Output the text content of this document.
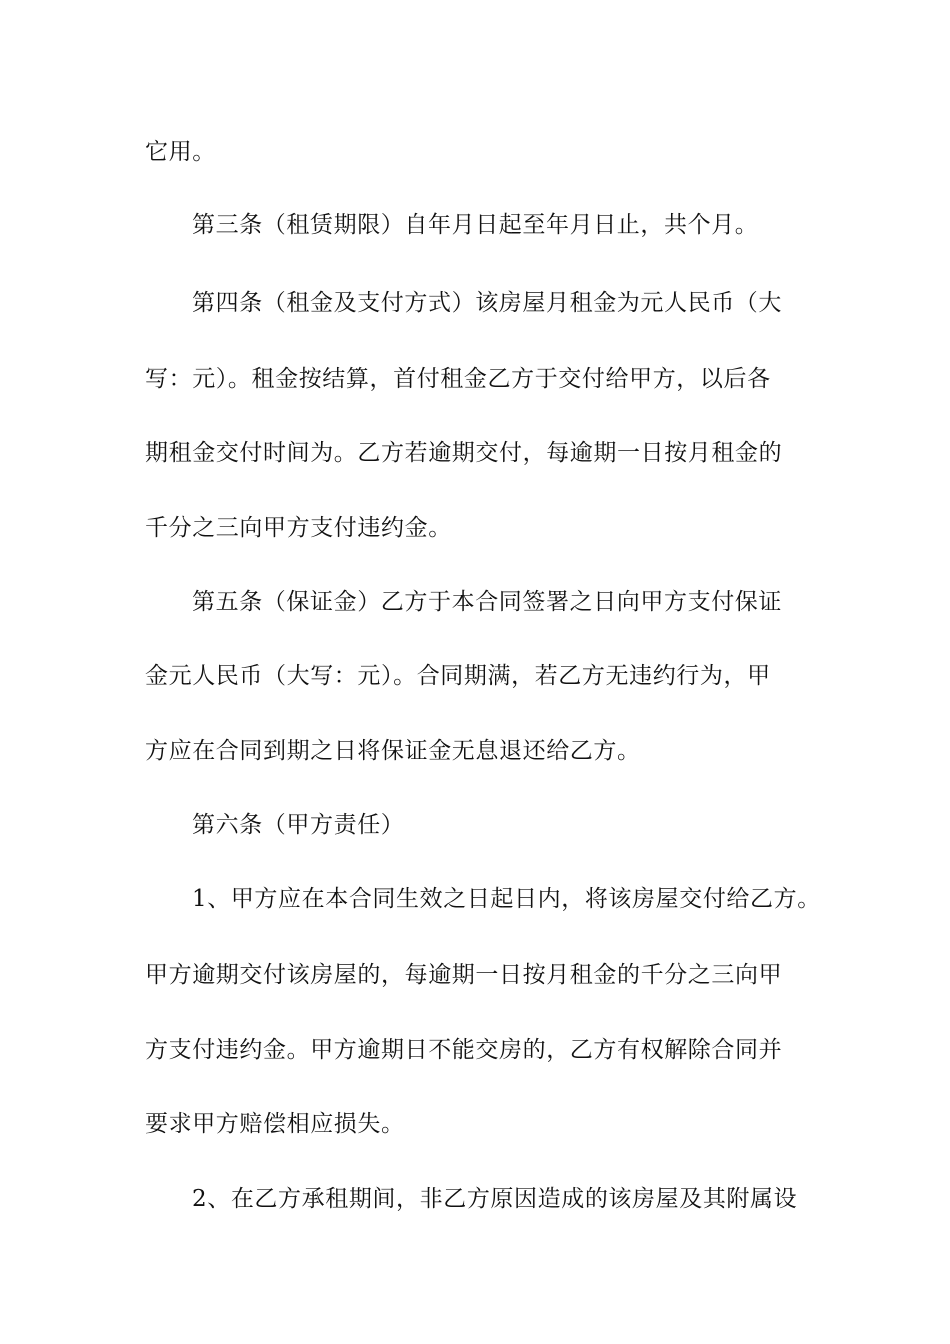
它用。
第三条（租赁期限）自年月日起至年月日止，共个月。
第四条（租金及支付方式）该房屋月租金为元人民币（大
写：元）。租金按结算，首付租金乙方于交付给甲方，以后各
期租金交付时间为。乙方若逾期交付，每逾期一日按月租金的
千分之三向甲方支付违约金。
第五条（保证金）乙方于本合同签署之日向甲方支付保证
金元人民币（大写：元）。合同期满，若乙方无违约行为，甲
方应在合同到期之日将保证金无息退还给乙方。
第六条（甲方责任）
1、甲方应在本合同生效之日起日内，将该房屋交付给乙方。
甲方逾期交付该房屋的，每逾期一日按月租金的千分之三向甲
方支付违约金。甲方逾期日不能交房的，乙方有权解除合同并
要求甲方赔偿相应损失。
2、在乙方承租期间，非乙方原因造成的该房屋及其附属设
